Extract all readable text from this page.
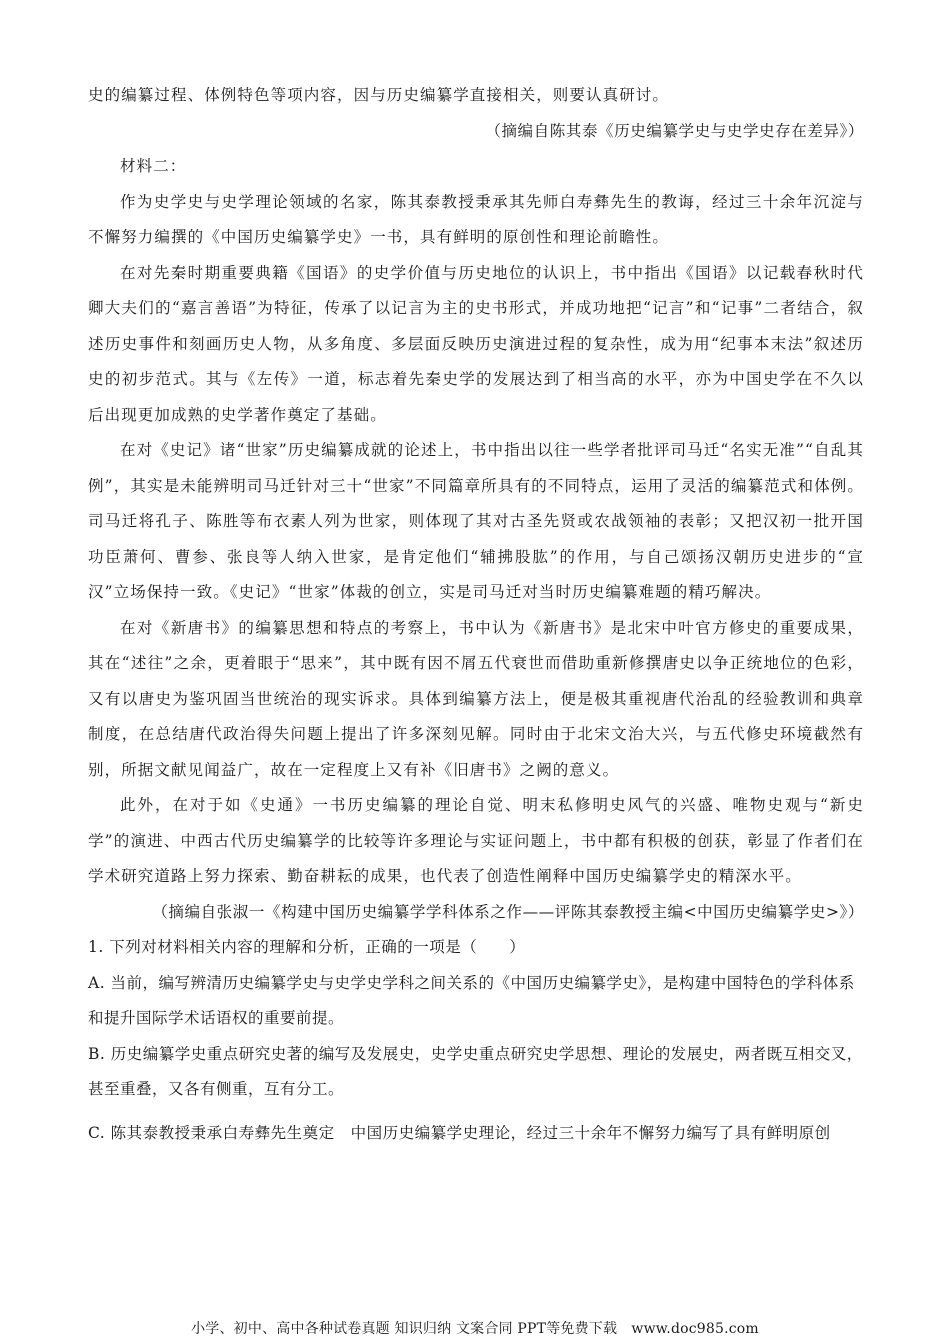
史的编纂过程、体例特色等项内容，因与历史编纂学直接相关，则要认真研讨。

（摘编自陈其泰《历史编纂学史与史学史存在差异》）

材料二：

作为史学史与史学理论领域的名家，陈其泰教授秉承其先师白寿彝先生的教诲，经过三十余年沉淀与不懈努力编撰的《中国历史编纂学史》一书，具有鲜明的原创性和理论前瞻性。

在对先秦时期重要典籍《国语》的史学价值与历史地位的认识上，书中指出《国语》以记载春秋时代卿大夫们的“嘉言善语”为特征，传承了以记言为主的史书形式，并成功地把“记言”和“记事”二者结合，叙述历史事件和刻画历史人物，从多角度、多层面反映历史演进过程的复杂性，成为用“纪事本末法”叙述历史的初步范式。其与《左传》一道，标志着先秦史学的发展达到了相当高的水平，亦为中国史学在不久以后出现更加成熟的史学著作奠定了基础。

在对《史记》诸“世家”历史编纂成就的论述上，书中指出以往一些学者批评司马迁“名实无准”“自乱其例”，其实是未能辨明司马迁针对三十“世家”不同篇章所具有的不同特点，运用了灵活的编纂范式和体例。司马迁将孔子、陈胜等布衣素人列为世家，则体现了其对古圣先贤或农战领袖的表彰；又把汉初一批开国功臣萧何、曹参、张良等人纳入世家，是肯定他们“辅拂股肱”的作用，与自己颂扬汉朝历史进步的“宣汉”立场保持一致。《史记》“世家”体裁的创立，实是司马迁对当时历史编纂难题的精巧解决。

在对《新唐书》的编纂思想和特点的考察上，书中认为《新唐书》是北宋中叶官方修史的重要成果，其在“述往”之余，更着眼于“思来”，其中既有因不屑五代衰世而借助重新修撰唐史以争正统地位的色彩，又有以唐史为鉴巩固当世统治的现实诉求。具体到编纂方法上，便是极其重视唐代治乱的经验教训和典章制度，在总结唐代政治得失问题上提出了许多深刻见解。同时由于北宋文治大兴，与五代修史环境截然有别，所据文献见闻益广，故在一定程度上又有补《旧唐书》之阙的意义。

此外，在对于如《史通》一书历史编纂的理论自觉、明末私修明史风气的兴盛、唯物史观与“新史学”的演进、中西古代历史编纂学的比较等许多理论与实证问题上，书中都有积极的创获，彰显了作者们在学术研究道路上努力探索、勤奋耕耘的成果，也代表了创造性阐释中国历史编纂学史的精深水平。

（摘编自张淑一《构建中国历史编纂学学科体系之作——评陈其泰教授主编<中国历史编纂学史>》）

1. 下列对材料相关内容的理解和分析，正确的一项是（　　）

A. 当前，编写辨清历史编纂学史与史学史学科之间关系的《中国历史编纂学史》，是构建中国特色的学科体系和提升国际学术话语权的重要前提。

B. 历史编纂学史重点研究史著的编写及发展史，史学史重点研究史学思想、理论的发展史，两者既互相交叉，甚至重叠，又各有侧重，互有分工。

C. 陈其泰教授秉承白寿彝先生奠定　中国历史编纂学史理论，经过三十余年不懈努力编写了具有鲜明原创

小学、初中、高中各种试卷真题 知识归纳 文案合同 PPT等免费下载　www.doc985.com
